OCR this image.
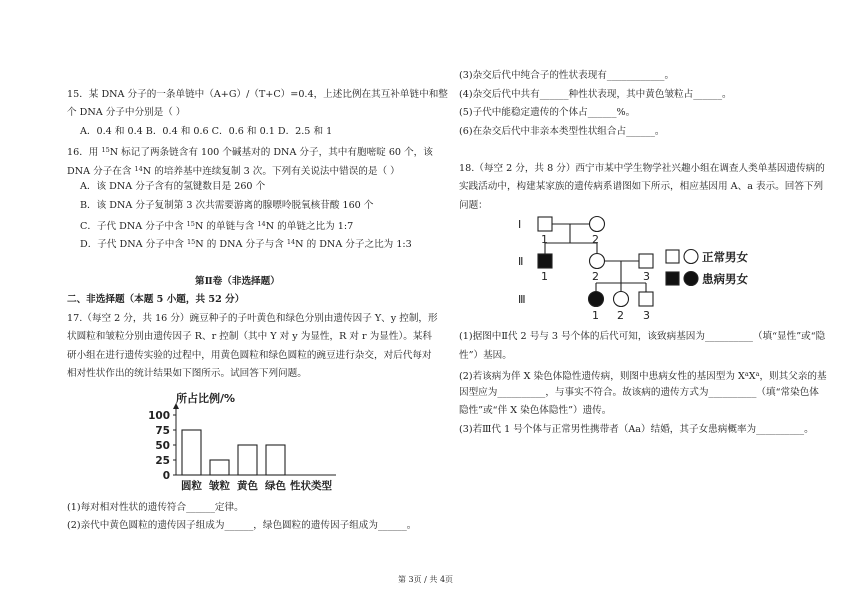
15．某 DNA 分子的一条单链中（A+G）/（T+C）=0.4，上述比例在其互补单链中和整
个 DNA 分子中分别是（ ）
A．0.4 和 0.4 B．0.4 和 0.6 C．0.6 和 0.1 D．2.5 和 1
16．用 $^{15}$N 标记了两条链含有 100 个碱基对的 DNA 分子，其中有胞嘧啶 60 个，该
DNA 分子在含 $^{14}$N 的培养基中连续复制 3 次。下列有关说法中错误的是（ ）
A．该 DNA 分子含有的氢键数目是 260 个
B．该 DNA 分子复制第 3 次共需要游离的腺嘌呤脱氧核苷酸 160 个
C．子代 DNA 分子中含 $^{15}$N 的单链与含 $^{14}$N 的单链之比为 1:7
D．子代 DNA 分子中含 $^{15}$N 的 DNA 分子与含 $^{14}$N 的 DNA 分子之比为 1:3
第Ⅱ卷（非选择题）
二、非选择题（本题 5 小题，共 52 分）
17.（每空 2 分，共 16 分）豌豆种子的子叶黄色和绿色分别由遗传因子 Y、y 控制，形
状圆粒和皱粒分别由遗传因子 R、r 控制（其中 Y 对 y 为显性，R 对 r 为显性）。某科
研小组在进行遗传实验的过程中，用黄色圆粒和绿色圆粒的豌豆进行杂交，对后代每对
相对性状作出的统计结果如下图所示。试回答下列问题。
所占比例/%
0
25
50
75
100
圆粒 皱粒 黄色 绿色 性状类型
(1)每对相对性状的遗传符合______定律。
(2)亲代中黄色圆粒的遗传因子组成为______，绿色圆粒的遗传因子组成为______。
(3)杂交后代中纯合子的性状表现有____________。
(4)杂交后代中共有______种性状表现，其中黄色皱粒占______。
(5)子代中能稳定遗传的个体占______%。
(6)在杂交后代中非亲本类型性状组合占______。
18.（每空 2 分，共 8 分）西宁市某中学生物学社兴趣小组在调查人类单基因遗传病的
实践活动中，构建某家族的遗传病系谱图如下所示，相应基因用 A、a 表示。回答下列
问题：
Ⅰ
Ⅱ
Ⅲ
1	2
1	2	3
1 2 3
正常男女
患病男女
(1)据图中Ⅱ代 2 号与 3 号个体的后代可知，该致病基因为__________（填“显性”或“隐
性”）基因。
(2)若该病为伴 X 染色体隐性遗传病，则图中患病女性的基因型为 $X^aX^a$，则其父亲的基
因型应为__________，与事实不符合。故该病的遗传方式为__________（填“常染色体
隐性”或“伴 X 染色体隐性”）遗传。
(3)若Ⅲ代 1 号个体与正常男性携带者（Aa）结婚，其子女患病概率为__________。
第 3页 / 共 4页
